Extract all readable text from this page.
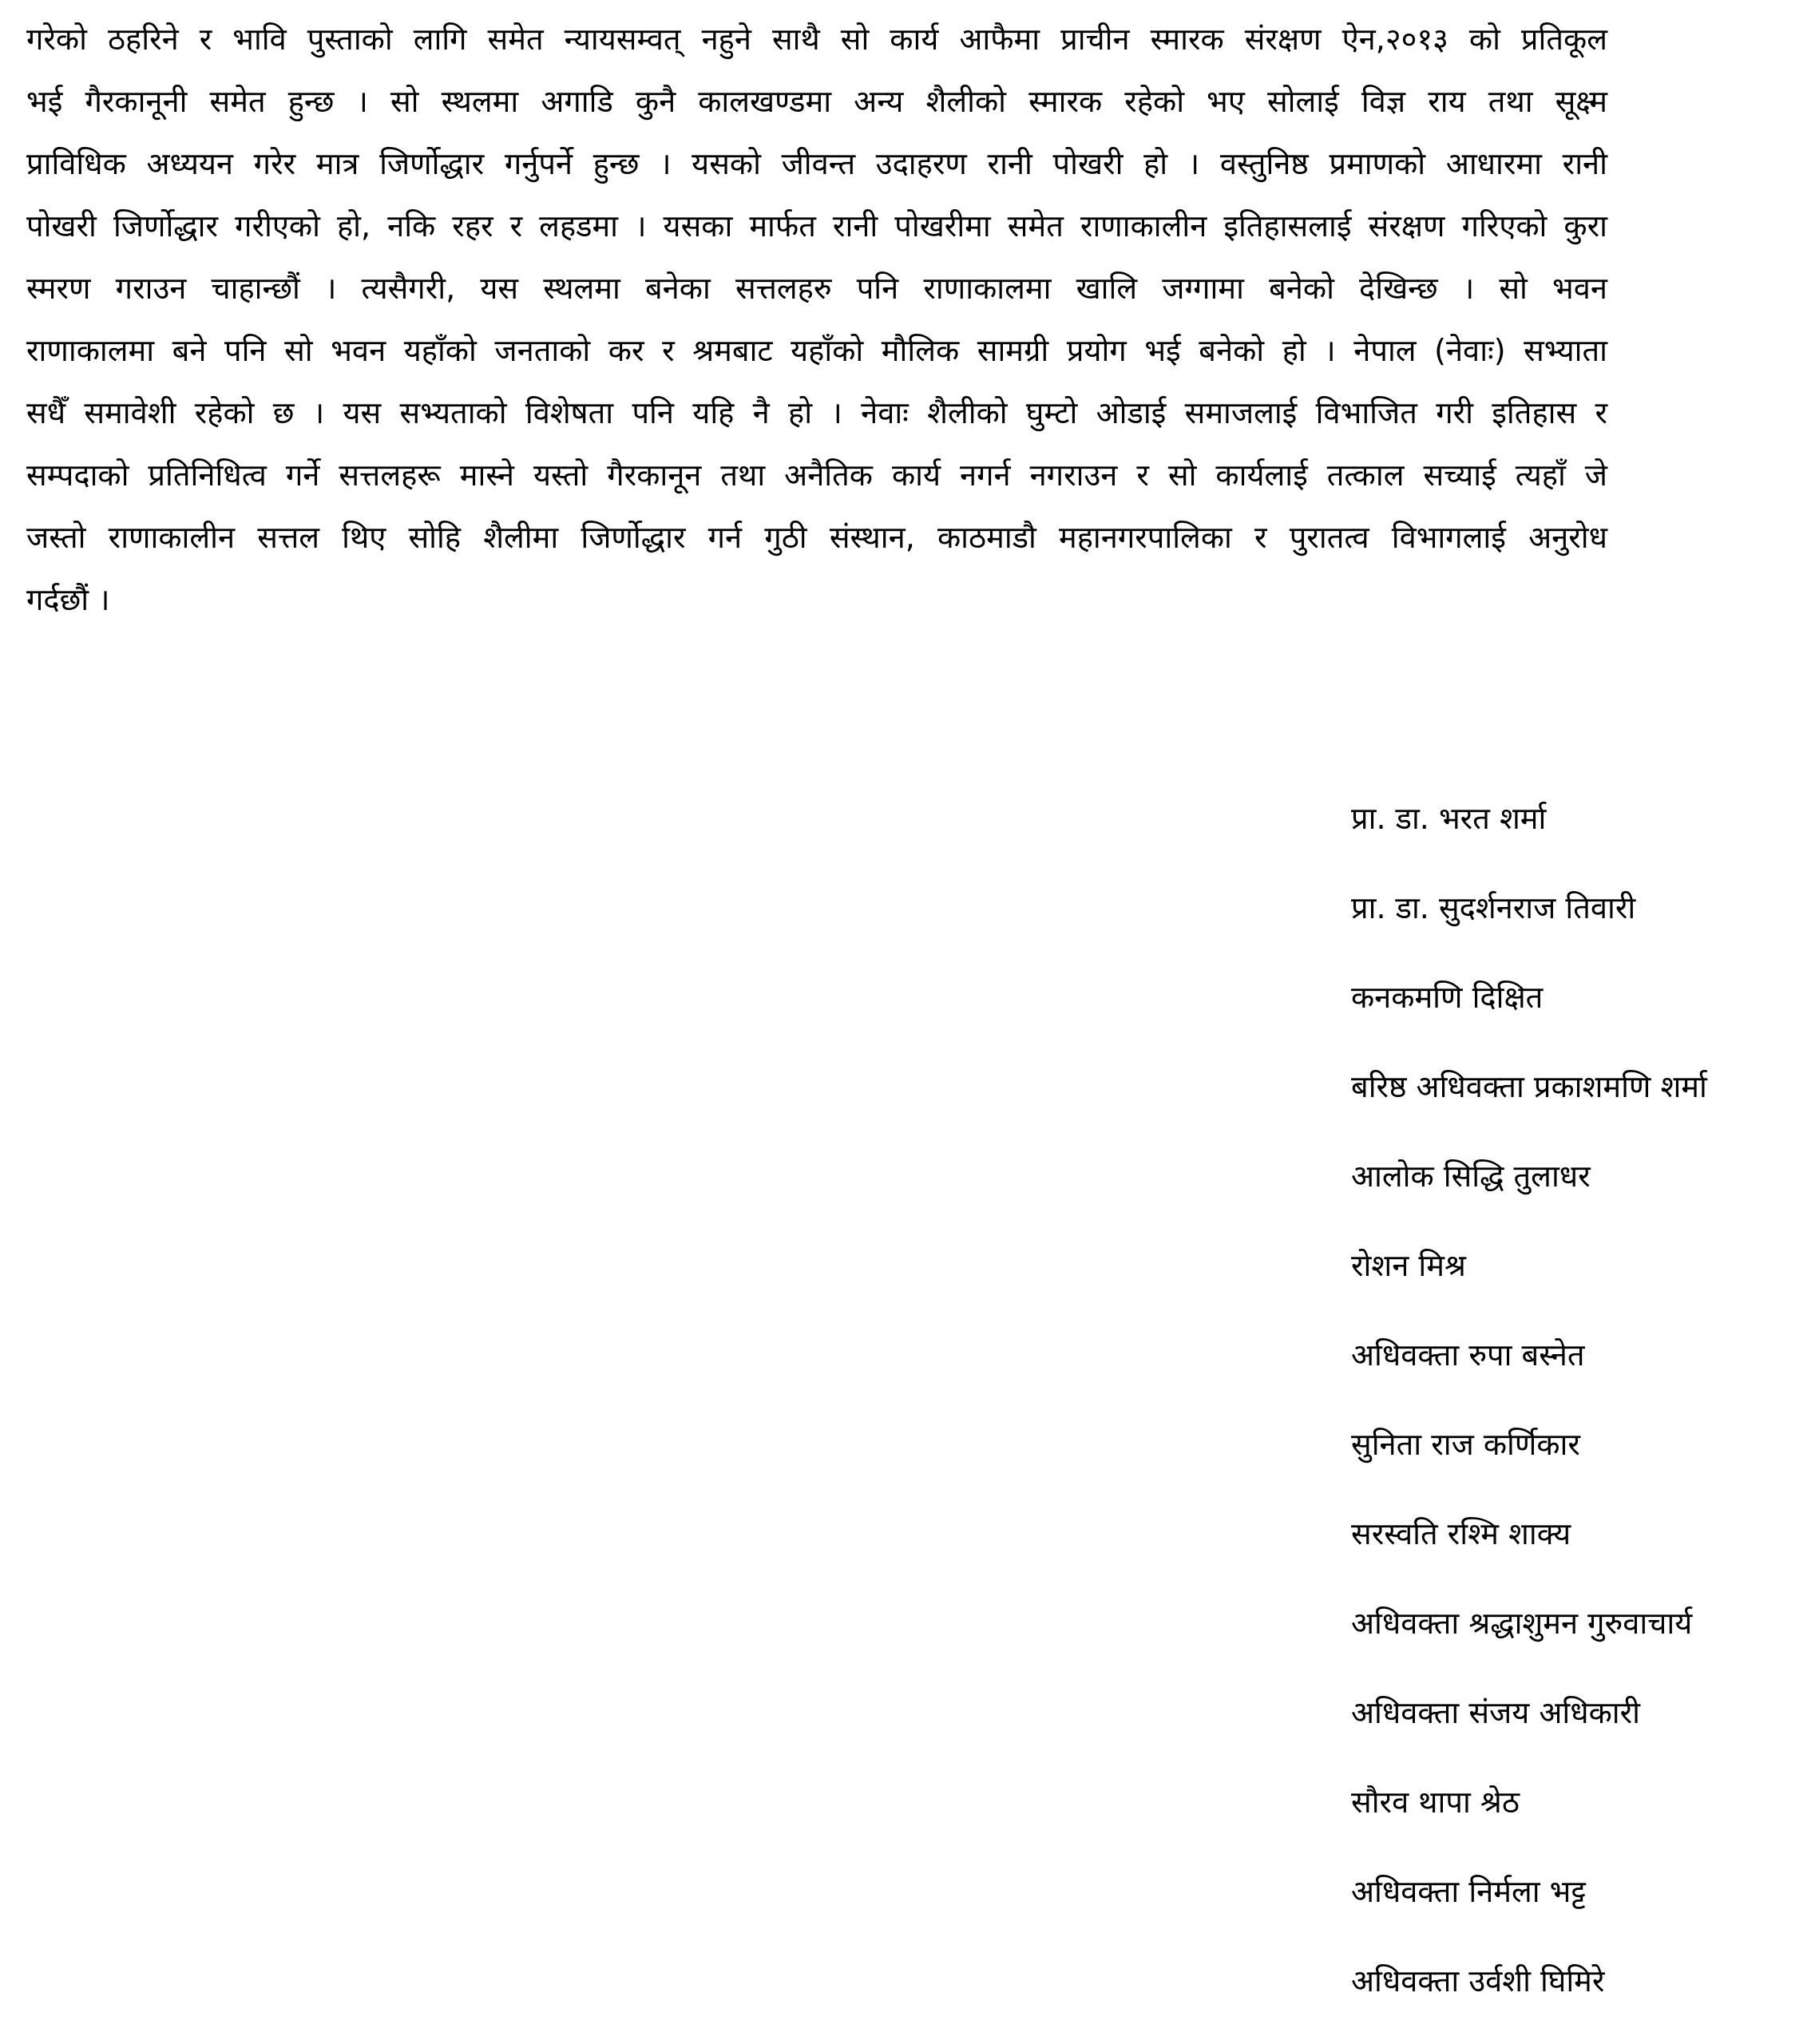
गरेको ठहरिने र भावि पुस्ताको लागि समेत न्यायसम्वत् नहुने साथै सो कार्य आफैमा प्राचीन स्मारक संरक्षण ऐन,२०१३ को प्रतिकूल
भई गैरकानूनी समेत हुन्छ । सो स्थलमा अगाडि कुनै कालखण्डमा अन्य शैलीको स्मारक रहेको भए सोलाई विज्ञ राय तथा सूक्ष्म
प्राविधिक अध्ययन गरेर मात्र जिर्णोद्धार गर्नुपर्ने हुन्छ । यसको जीवन्त उदाहरण रानी पोखरी हो । वस्तुनिष्ठ प्रमाणको आधारमा रानी
पोखरी जिर्णोद्धार गरीएको हो, नकि रहर र लहडमा । यसका मार्फत रानी पोखरीमा समेत राणाकालीन इतिहासलाई संरक्षण गरिएको कुरा
स्मरण गराउन चाहान्छौं । त्यसैगरी, यस स्थलमा बनेका सत्तलहरु पनि राणाकालमा खालि जग्गामा बनेको देखिन्छ । सो भवन
राणाकालमा बने पनि सो भवन यहाँको जनताको कर र श्रमबाट यहाँको मौलिक सामग्री प्रयोग भई बनेको हो । नेपाल (नेवाः) सभ्याता
सधैँ समावेशी रहेको छ । यस सभ्यताको विशेषता पनि यहि नै हो । नेवाः शैलीको घुम्टो ओडाई समाजलाई विभाजित गरी इतिहास र
सम्पदाको प्रतिनिधित्व गर्ने सत्तलहरू मास्ने यस्तो गैरकानून तथा अनैतिक कार्य नगर्न नगराउन र सो कार्यलाई तत्काल सच्याई त्यहाँ जे
जस्तो राणाकालीन सत्तल थिए सोहि शैलीमा जिर्णोद्धार गर्न गुठी संस्थान, काठमाडौ महानगरपालिका र पुरातत्व विभागलाई अनुरोध
गर्दछौं ।

प्रा. डा. भरत शर्मा
प्रा. डा. सुदर्शनराज तिवारी
कनकमणि दिक्षित
बरिष्ठ अधिवक्ता प्रकाशमणि शर्मा
आलोक सिद्धि तुलाधर
रोशन मिश्र
अधिवक्ता रुपा बस्नेत
सुनिता राज कर्णिकार
सरस्वति रश्मि शाक्य
अधिवक्ता श्रद्धाशुमन गुरुवाचार्य
अधिवक्ता संजय अधिकारी
सौरव थापा श्रेठ
अधिवक्ता निर्मला भट्ट
अधिवक्ता उर्वशी घिमिरे
